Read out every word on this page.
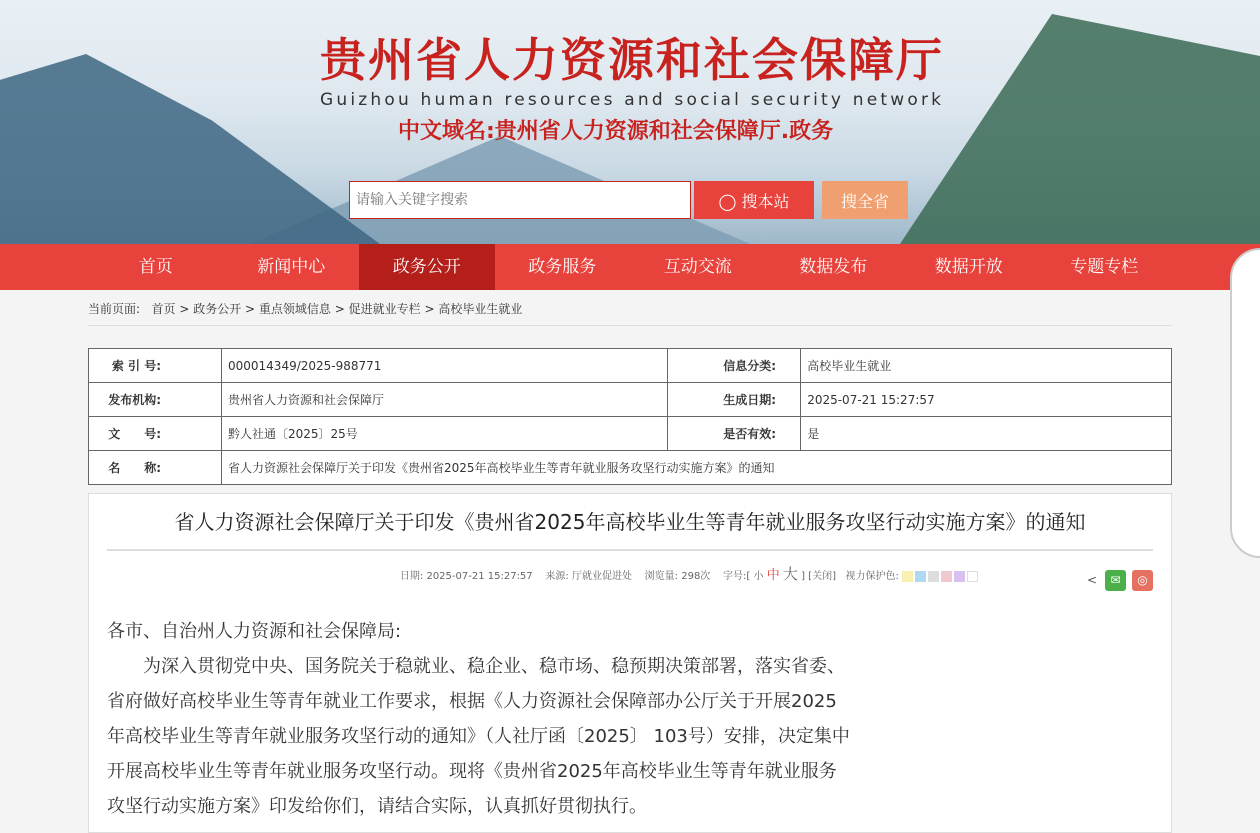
贵州省人力资源和社会保障厅
Guizhou human resources and social security network
中文域名:贵州省人力资源和社会保障厅.政务
请输入关键字搜索
◯ 搜本站	搜全省
首页	新闻中心	政务公开	政务服务	互动交流	数据发布	数据开放	专题专栏
当前页面: 首页 > 政务公开 > 重点领域信息 > 促进就业专栏 > 高校毕业生就业
索 引 号:	000014349/2025-988771	信息分类:	高校毕业生就业
发布机构:	贵州省人力资源和社会保障厅	生成日期:	2025-07-21 15:27:57
文　　号:	黔人社通〔2025〕25号	是否有效:	是
名　　称:	省人力资源社会保障厅关于印发《贵州省2025年高校毕业生等青年就业服务攻坚行动实施方案》的通知		
省人力资源社会保障厅关于印发《贵州省2025年高校毕业生等青年就业服务攻坚行动实施方案》的通知
日期: 2025-07-21 15:27:57 来源: 厅就业促进处 浏览量: 298次 字号:[ 小 中 大 ] [关闭] 视力保护色:	<	✉	◎

各市、自治州人力资源和社会保障局:

为深入贯彻党中央、国务院关于稳就业、稳企业、稳市场、稳预期决策部署，落实省委、省府做好高校毕业生等青年就业工作要求，根据《人力资源社会保障部办公厅关于开展2025年高校毕业生等青年就业服务攻坚行动的通知》（人社厅函〔2025〕 103号）安排，决定集中开展高校毕业生等青年就业服务攻坚行动。现将《贵州省2025年高校毕业生等青年就业服务攻坚行动实施方案》印发给你们，请结合实际，认真抓好贯彻执行。
